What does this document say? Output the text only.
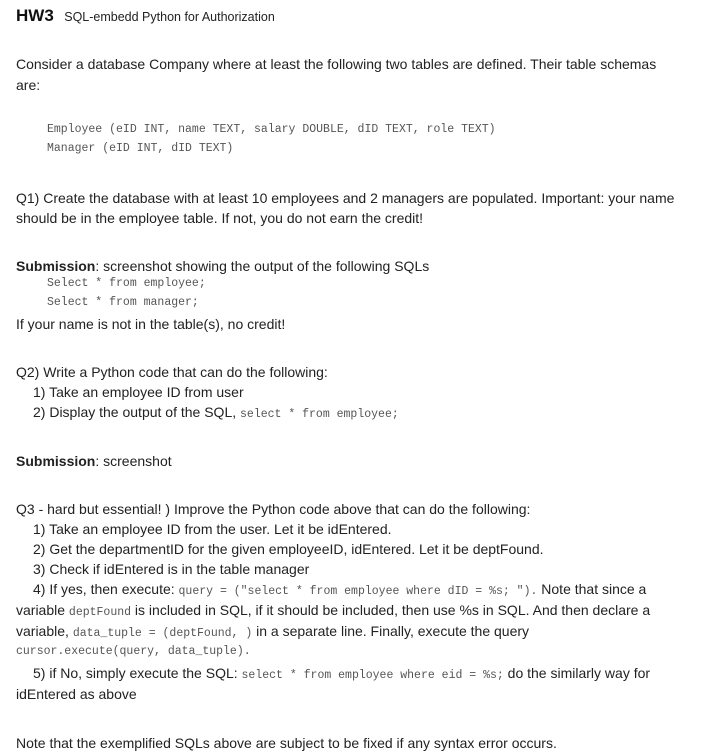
HW3 SQL-embedd Python for Authorization
Consider a database Company where at least the following two tables are defined. Their table schemas
are:
Employee (eID INT, name TEXT, salary DOUBLE, dID TEXT, role TEXT)
Manager (eID INT, dID TEXT)
Q1) Create the database with at least 10 employees and 2 managers are populated. Important: your name
should be in the employee table. If not, you do not earn the credit!
Submission: screenshot showing the output of the following SQLs
Select * from employee;
Select * from manager;
If your name is not in the table(s), no credit!
Q2) Write a Python code that can do the following:
1) Take an employee ID from user
2) Display the output of the SQL, select * from employee;
Submission: screenshot
Q3 - hard but essential! ) Improve the Python code above that can do the following:
1) Take an employee ID from the user. Let it be idEntered.
2) Get the departmentID for the given employeeID, idEntered. Let it be deptFound.
3) Check if idEntered is in the table manager
4) If yes, then execute: query = ("select * from employee where dID = %s; "). Note that since a
variable deptFound is included in SQL, if it should be included, then use %s in SQL. And then declare a
variable, data_tuple = (deptFound, ) in a separate line. Finally, execute the query
cursor.execute(query, data_tuple).
5) if No, simply execute the SQL: select * from employee where eid = %s; do the similarly way for
idEntered as above
Note that the exemplified SQLs above are subject to be fixed if any syntax error occurs.
